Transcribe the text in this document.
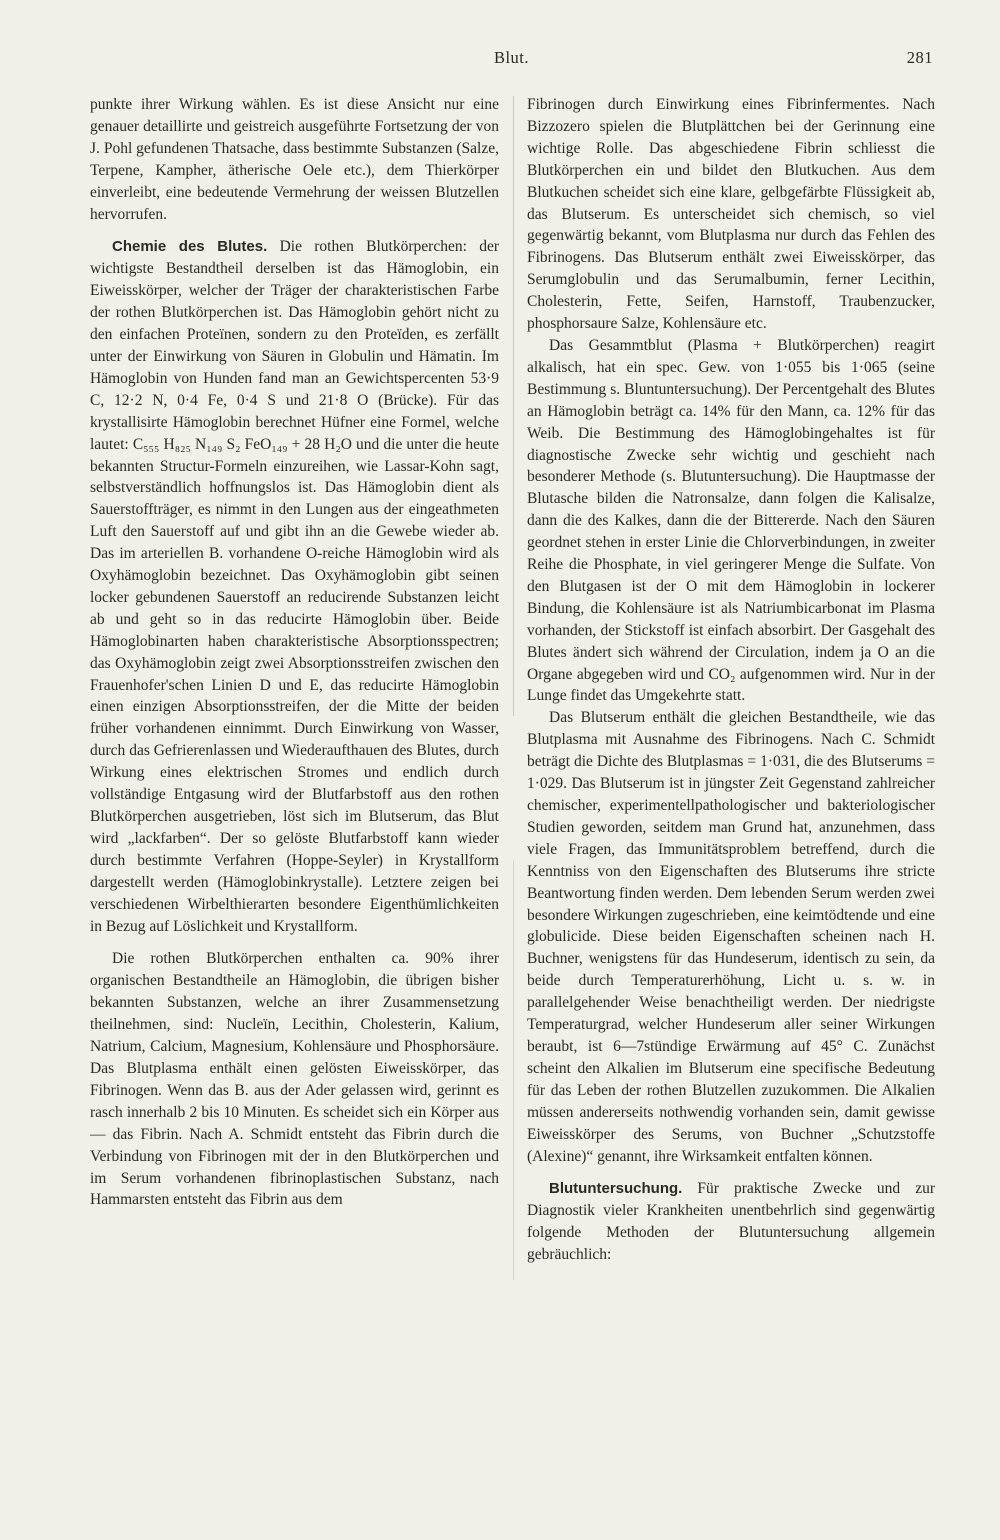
Blut.	281

punkte ihrer Wirkung wählen. Es ist diese Ansicht nur eine genauer detaillirte und geistreich ausgeführte Fortsetzung der von J. Pohl gefundenen Thatsache, dass bestimmte Substanzen (Salze, Terpene, Kampher, ätherische Oele etc.), dem Thierkörper einverleibt, eine bedeutende Vermehrung der weissen Blutzellen hervorrufen.

Chemie des Blutes. Die rothen Blutkörperchen: der wichtigste Bestandtheil derselben ist das Hämoglobin, ein Eiweisskörper, welcher der Träger der charakteristischen Farbe der rothen Blutkörperchen ist. Das Hämoglobin gehört nicht zu den einfachen Proteïnen, sondern zu den Proteïden, es zerfällt unter der Einwirkung von Säuren in Globulin und Hämatin. Im Hämoglobin von Hunden fand man an Gewichtspercenten 53·9 C, 12·2 N, 0·4 Fe, 0·4 S und 21·8 O (Brücke). Für das krystallisirte Hämoglobin berechnet Hüfner eine Formel, welche lautet: C₅₅₅ H₈₂₅ N₁₄₉ S₂ FeO₁₄₉ + 28 H₂O und die unter die heute bekannten Structur-Formeln einzureihen, wie Lassar-Kohn sagt, selbstverständlich hoffnungslos ist. Das Hämoglobin dient als Sauerstoffträger, es nimmt in den Lungen aus der eingeathmeten Luft den Sauerstoff auf und gibt ihn an die Gewebe wieder ab. Das im arteriellen B. vorhandene O-reiche Hämoglobin wird als Oxyhämoglobin bezeichnet. Das Oxyhämoglobin gibt seinen locker gebundenen Sauerstoff an reducirende Substanzen leicht ab und geht so in das reducirte Hämoglobin über. Beide Hämoglobinarten haben charakteristische Absorptionsspectren; das Oxyhämoglobin zeigt zwei Absorptionsstreifen zwischen den Frauenhofer'schen Linien D und E, das reducirte Hämoglobin einen einzigen Absorptionsstreifen, der die Mitte der beiden früher vorhandenen einnimmt. Durch Einwirkung von Wasser, durch das Gefrierenlassen und Wiederaufthauen des Blutes, durch Wirkung eines elektrischen Stromes und endlich durch vollständige Entgasung wird der Blutfarbstoff aus den rothen Blutkörperchen ausgetrieben, löst sich im Blutserum, das Blut wird „lackfarben“. Der so gelöste Blutfarbstoff kann wieder durch bestimmte Verfahren (Hoppe-Seyler) in Krystallform dargestellt werden (Hämoglobinkrystalle). Letztere zeigen bei verschiedenen Wirbelthierarten besondere Eigenthümlichkeiten in Bezug auf Löslichkeit und Krystallform.

Die rothen Blutkörperchen enthalten ca. 90% ihrer organischen Bestandtheile an Hämoglobin, die übrigen bisher bekannten Substanzen, welche an ihrer Zusammensetzung theilnehmen, sind: Nucleïn, Lecithin, Cholesterin, Kalium, Natrium, Calcium, Magnesium, Kohlensäure und Phosphorsäure. Das Blutplasma enthält einen gelösten Eiweisskörper, das Fibrinogen. Wenn das B. aus der Ader gelassen wird, gerinnt es rasch innerhalb 2 bis 10 Minuten. Es scheidet sich ein Körper aus — das Fibrin. Nach A. Schmidt entsteht das Fibrin durch die Verbindung von Fibrinogen mit der in den Blutkörperchen und im Serum vorhandenen fibrinoplastischen Substanz, nach Hammarsten entsteht das Fibrin aus dem

Fibrinogen durch Einwirkung eines Fibrinfermentes. Nach Bizzozero spielen die Blutplättchen bei der Gerinnung eine wichtige Rolle. Das abgeschiedene Fibrin schliesst die Blutkörperchen ein und bildet den Blutkuchen. Aus dem Blutkuchen scheidet sich eine klare, gelbgefärbte Flüssigkeit ab, das Blutserum. Es unterscheidet sich chemisch, so viel gegenwärtig bekannt, vom Blutplasma nur durch das Fehlen des Fibrinogens. Das Blutserum enthält zwei Eiweisskörper, das Serumglobulin und das Serumalbumin, ferner Lecithin, Cholesterin, Fette, Seifen, Harnstoff, Traubenzucker, phosphorsaure Salze, Kohlensäure etc.

Das Gesammtblut (Plasma + Blutkörperchen) reagirt alkalisch, hat ein spec. Gew. von 1·055 bis 1·065 (seine Bestimmung s. Bluntuntersuchung). Der Percentgehalt des Blutes an Hämoglobin beträgt ca. 14% für den Mann, ca. 12% für das Weib. Die Bestimmung des Hämoglobingehaltes ist für diagnostische Zwecke sehr wichtig und geschieht nach besonderer Methode (s. Blutuntersuchung). Die Hauptmasse der Blutasche bilden die Natronsalze, dann folgen die Kalisalze, dann die des Kalkes, dann die der Bittererde. Nach den Säuren geordnet stehen in erster Linie die Chlorverbindungen, in zweiter Reihe die Phosphate, in viel geringerer Menge die Sulfate. Von den Blutgasen ist der O mit dem Hämoglobin in lockerer Bindung, die Kohlensäure ist als Natriumbicarbonat im Plasma vorhanden, der Stickstoff ist einfach absorbirt. Der Gasgehalt des Blutes ändert sich während der Circulation, indem ja O an die Organe abgegeben wird und CO₂ aufgenommen wird. Nur in der Lunge findet das Umgekehrte statt.

Das Blutserum enthält die gleichen Bestandtheile, wie das Blutplasma mit Ausnahme des Fibrinogens. Nach C. Schmidt beträgt die Dichte des Blutplasmas = 1·031, die des Blutserums = 1·029. Das Blutserum ist in jüngster Zeit Gegenstand zahlreicher chemischer, experimentellpathologischer und bakteriologischer Studien geworden, seitdem man Grund hat, anzunehmen, dass viele Fragen, das Immunitätsproblem betreffend, durch die Kenntniss von den Eigenschaften des Blutserums ihre stricte Beantwortung finden werden. Dem lebenden Serum werden zwei besondere Wirkungen zugeschrieben, eine keimtödtende und eine globulicide. Diese beiden Eigenschaften scheinen nach H. Buchner, wenigstens für das Hundeserum, identisch zu sein, da beide durch Temperaturerhöhung, Licht u. s. w. in parallelgehender Weise benachtheiligt werden. Der niedrigste Temperaturgrad, welcher Hundeserum aller seiner Wirkungen beraubt, ist 6—7stündige Erwärmung auf 45° C. Zunächst scheint den Alkalien im Blutserum eine specifische Bedeutung für das Leben der rothen Blutzellen zuzukommen. Die Alkalien müssen andererseits nothwendig vorhanden sein, damit gewisse Eiweisskörper des Serums, von Buchner „Schutzstoffe (Alexine)“ genannt, ihre Wirksamkeit entfalten können.

Blutuntersuchung. Für praktische Zwecke und zur Diagnostik vieler Krankheiten unentbehrlich sind gegenwärtig folgende Methoden der Blutuntersuchung allgemein gebräuchlich:
